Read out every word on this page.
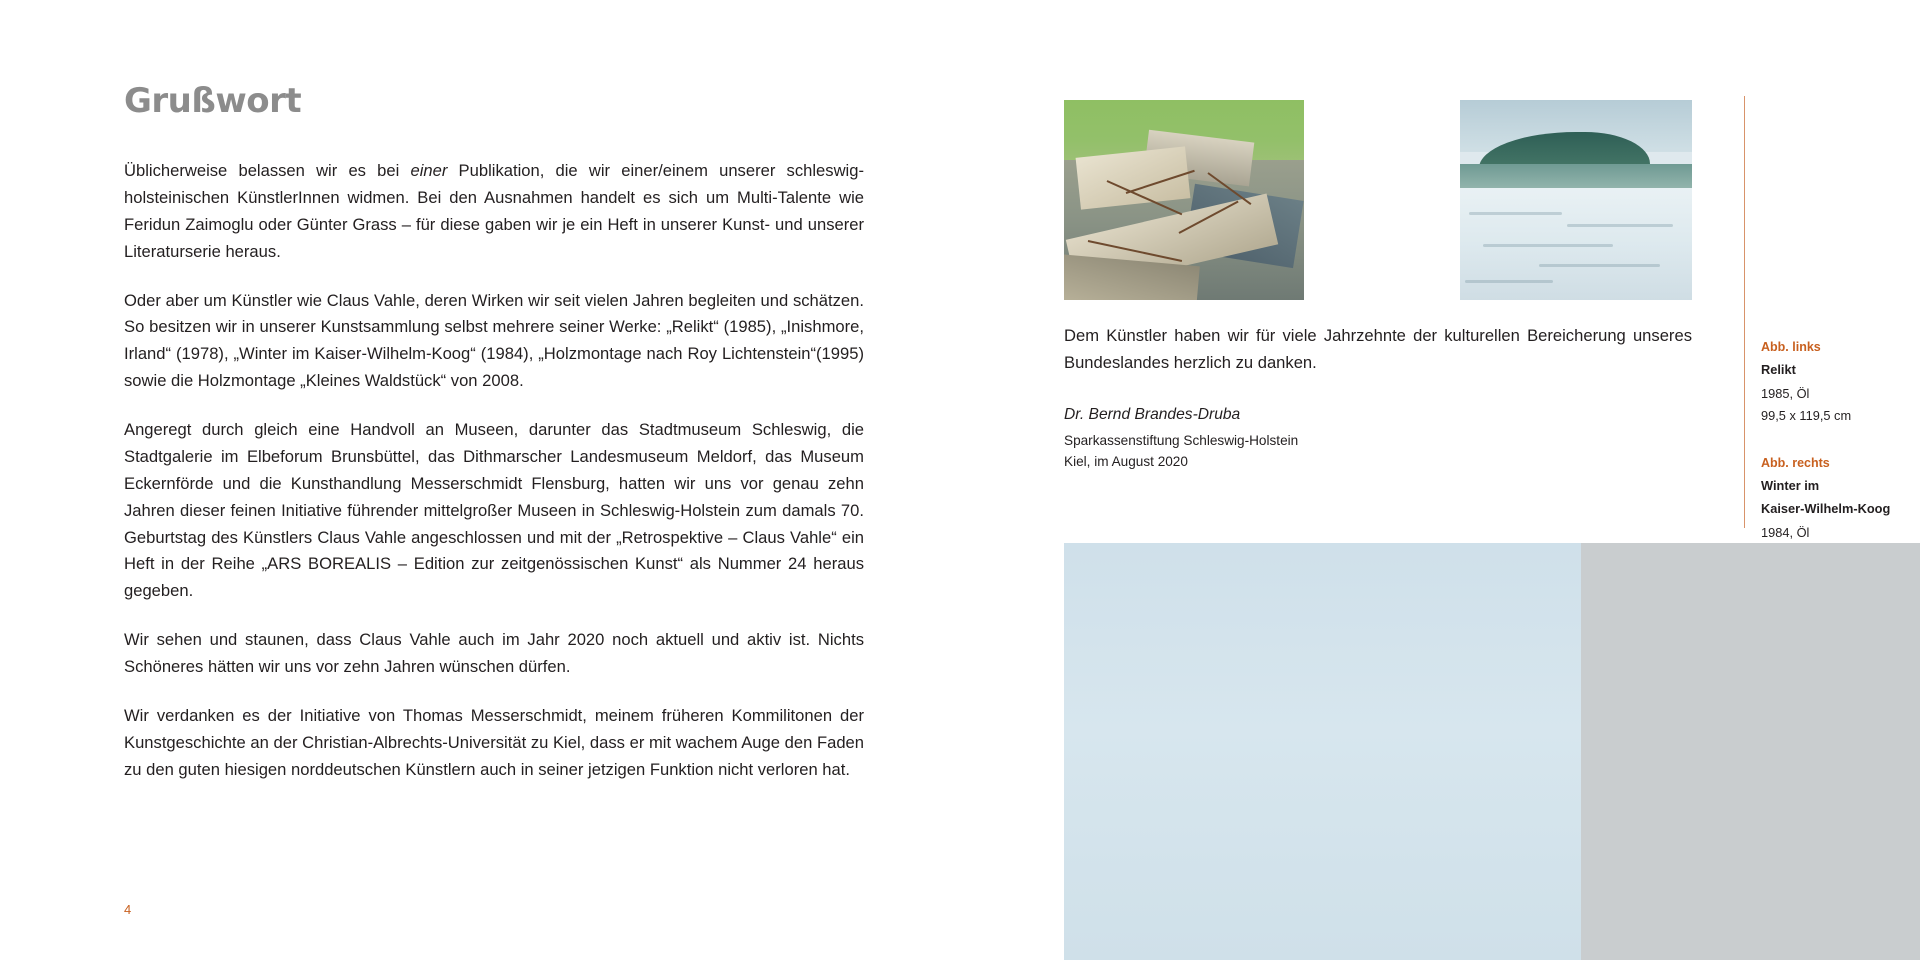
Grußwort

Üblicherweise belassen wir es bei einer Publikation, die wir einer/einem unserer schleswig-holsteinischen KünstlerInnen widmen. Bei den Ausnahmen handelt es sich um Multi-Talente wie Feridun Zaimoglu oder Günter Grass – für diese gaben wir je ein Heft in unserer Kunst- und unserer Literaturserie heraus.

Oder aber um Künstler wie Claus Vahle, deren Wirken wir seit vielen Jahren begleiten und schätzen. So besitzen wir in unserer Kunstsammlung selbst mehrere seiner Werke: „Relikt“ (1985), „Inishmore, Irland“ (1978), „Winter im Kaiser-Wilhelm-Koog“ (1984), „Holzmontage nach Roy Lichtenstein“(1995) sowie die Holzmontage „Kleines Waldstück“ von 2008.

Angeregt durch gleich eine Handvoll an Museen, darunter das Stadtmuseum Schleswig, die Stadtgalerie im Elbeforum Brunsbüttel, das Dithmarscher Landesmuseum Meldorf, das Museum Eckernförde und die Kunsthandlung Messerschmidt Flensburg, hatten wir uns vor genau zehn Jahren dieser feinen Initiative führender mittelgroßer Museen in Schleswig-Holstein zum damals 70. Geburtstag des Künstlers Claus Vahle angeschlossen und mit der „Retrospektive – Claus Vahle“ ein Heft in der Reihe „ARS BOREALIS – Edition zur zeitgenössischen Kunst“ als Nummer 24 heraus gegeben.

Wir sehen und staunen, dass Claus Vahle auch im Jahr 2020 noch aktuell und aktiv ist. Nichts Schöneres hätten wir uns vor zehn Jahren wünschen dürfen.

Wir verdanken es der Initiative von Thomas Messerschmidt, meinem früheren Kommilitonen der Kunstgeschichte an der Christian-Albrechts-Universität zu Kiel, dass er mit wachem Auge den Faden zu den guten hiesigen norddeutschen Künstlern auch in seiner jetzigen Funktion nicht verloren hat.

4

Dem Künstler haben wir für viele Jahrzehnte der kulturellen Bereicherung unseres Bundeslandes herzlich zu danken.

Dr. Bernd Brandes-Druba

Sparkassenstiftung Schleswig-Holstein

Kiel, im August 2020

Abb. links

Relikt

1985, Öl

99,5 x 119,5 cm

Abb. rechts

Winter im

Kaiser-Wilhelm-Koog

1984, Öl
